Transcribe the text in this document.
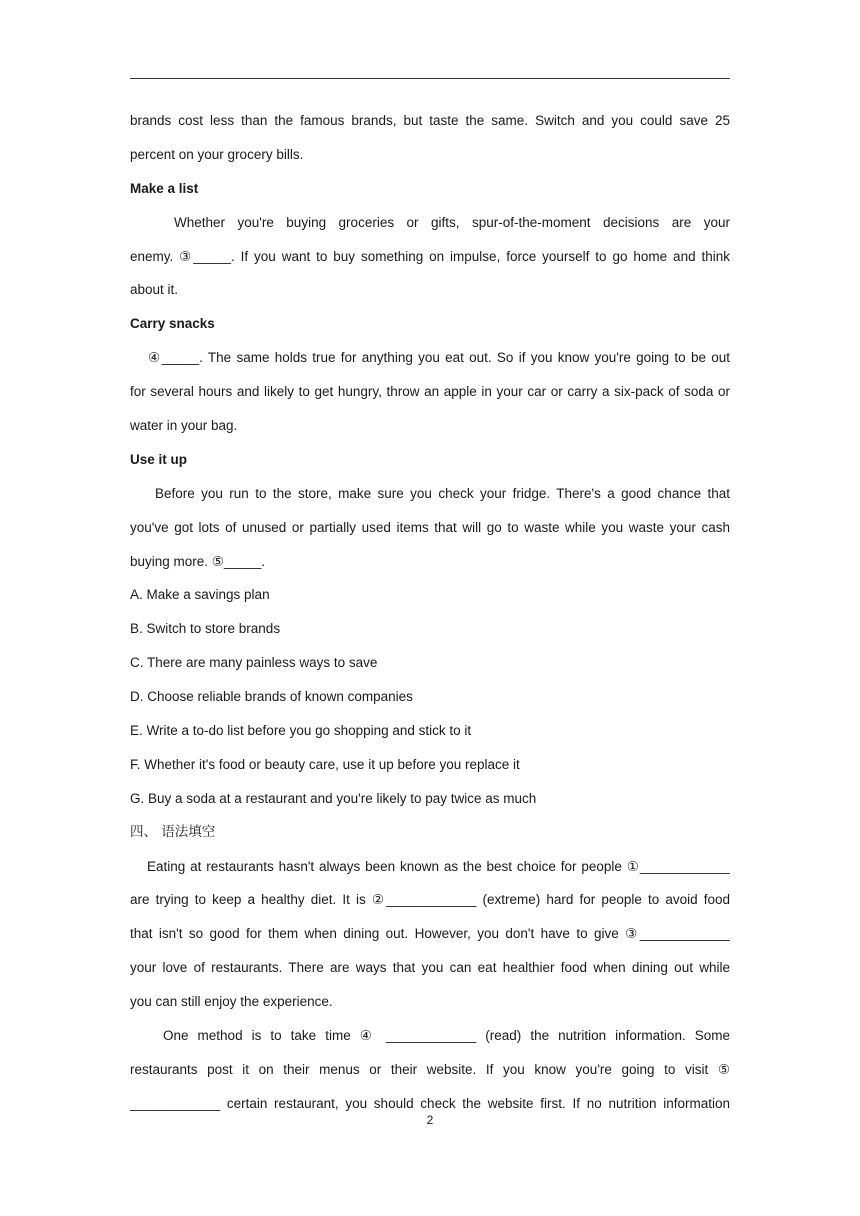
brands cost less than the famous brands, but taste the same. Switch and you could save 25
percent on your grocery bills.
Make a list
Whether you're buying groceries or gifts, spur-of-the-moment decisions are your
enemy. ③_____. If you want to buy something on impulse, force yourself to go home and think
about it.
Carry snacks
④_____. The same holds true for anything you eat out. So if you know you're going to be out
for several hours and likely to get hungry, throw an apple in your car or carry a six-pack of soda or
water in your bag.
Use it up
Before you run to the store, make sure you check your fridge. There's a good chance that
you've got lots of unused or partially used items that will go to waste while you waste your cash
buying more. ⑤_____.
A. Make a savings plan
B. Switch to store brands
C. There are many painless ways to save
D. Choose reliable brands of known companies
E. Write a to-do list before you go shopping and stick to it
F. Whether it's food or beauty care, use it up before you replace it
G. Buy a soda at a restaurant and you're likely to pay twice as much
四、 语法填空
Eating at restaurants hasn't always been known as the best choice for people ①____________
are trying to keep a healthy diet. It is ②____________ (extreme) hard for people to avoid food
that isn't so good for them when dining out. However, you don't have to give ③____________
your love of restaurants. There are ways that you can eat healthier food when dining out while
you can still enjoy the experience.
One method is to take time ④ ____________ (read) the nutrition information. Some
restaurants post it on their menus or their website. If you know you're going to visit ⑤
____________ certain restaurant, you should check the website first. If no nutrition information
2
